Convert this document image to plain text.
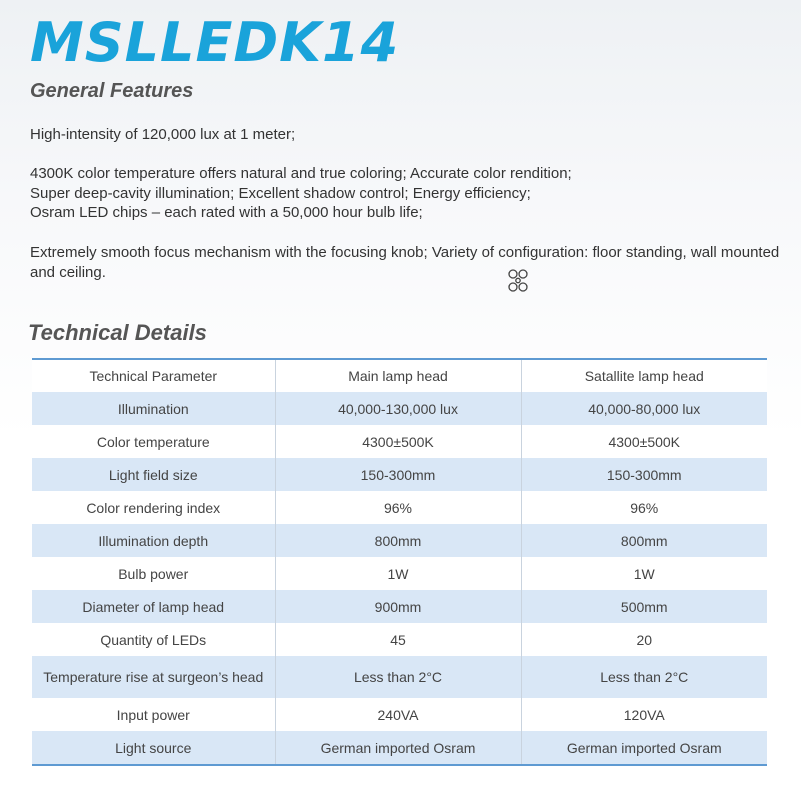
MSLLEDK14
General Features

High-intensity of 120,000 lux at 1 meter;

4300K color temperature offers natural and true coloring; Accurate color rendition;
Super deep-cavity illumination; Excellent shadow control; Energy efficiency;
Osram LED chips – each rated with a 50,000 hour bulb life;

Extremely smooth focus mechanism with the focusing knob; Variety of configuration: floor standing, wall mounted and ceiling.

Technical Details
Technical Parameter	Main lamp head	Satallite lamp head
Illumination	40,000-130,000 lux	40,000-80,000 lux
Color temperature	4300±500K	4300±500K
Light field size	150-300mm	150-300mm
Color rendering index	96%	96%
Illumination depth	800mm	800mm
Bulb power	1W	1W
Diameter of lamp head	900mm	500mm
Quantity of LEDs	45	20
Temperature rise at surgeon’s head	Less than 2°C	Less than 2°C
Input power	240VA	120VA
Light source	German imported Osram	German imported Osram
